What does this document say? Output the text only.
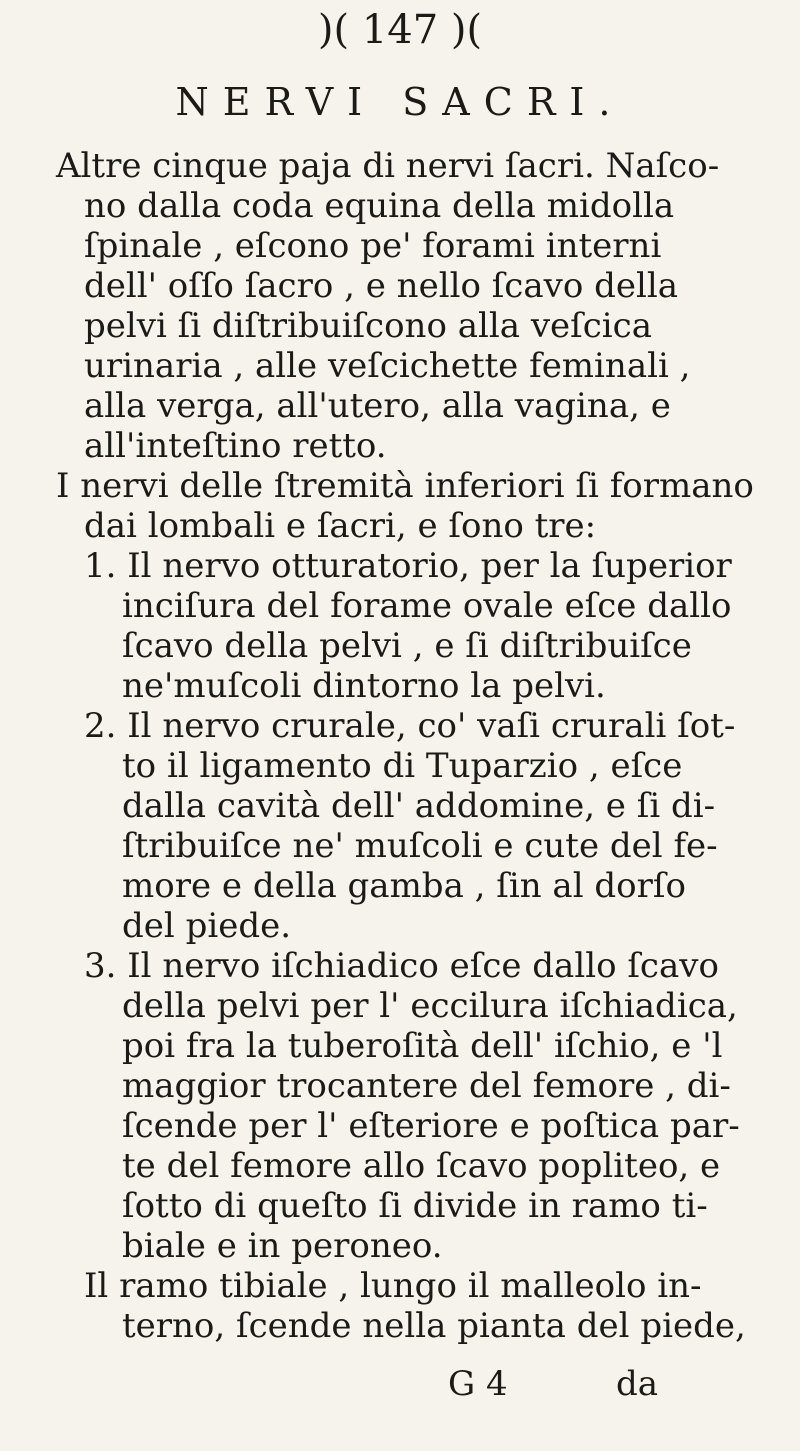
)( 147 )(
NERVI SACRI.
Altre cinque paja di nervi ſacri. Naſco-
no dalla coda equina della midolla
ſpinale , eſcono pe' forami interni
dell' oſſo ſacro , e nello ſcavo della
pelvi ſi diſtribuiſcono alla veſcica
urinaria , alle veſcichette feminali ,
alla verga, all'utero, alla vagina, e
all'inteſtino retto.
I nervi delle ſtremità inferiori ſi formano
dai lombali e ſacri, e ſono tre:
1. Il nervo otturatorio, per la ſuperior
inciſura del forame ovale eſce dallo
ſcavo della pelvi , e ſi diſtribuiſce
ne'muſcoli dintorno la pelvi.
2. Il nervo crurale, co' vaſi crurali ſot-
to il ligamento di Tuparzio , eſce
dalla cavità dell' addomine, e ſi di-
ſtribuiſce ne' muſcoli e cute del fe-
more e della gamba , ſin al dorſo
del piede.
3. Il nervo iſchiadico eſce dallo ſcavo
della pelvi per l' eccilura iſchiadica,
poi fra la tuberoſità dell' iſchio, e 'l
maggior trocantere del femore , di-
ſcende per l' eſteriore e poſtica par-
te del femore allo ſcavo popliteo, e
ſotto di queſto ſi divide in ramo ti-
biale e in peroneo.
Il ramo tibiale , lungo il malleolo in-
terno, ſcende nella pianta del piede,
G 4	da
